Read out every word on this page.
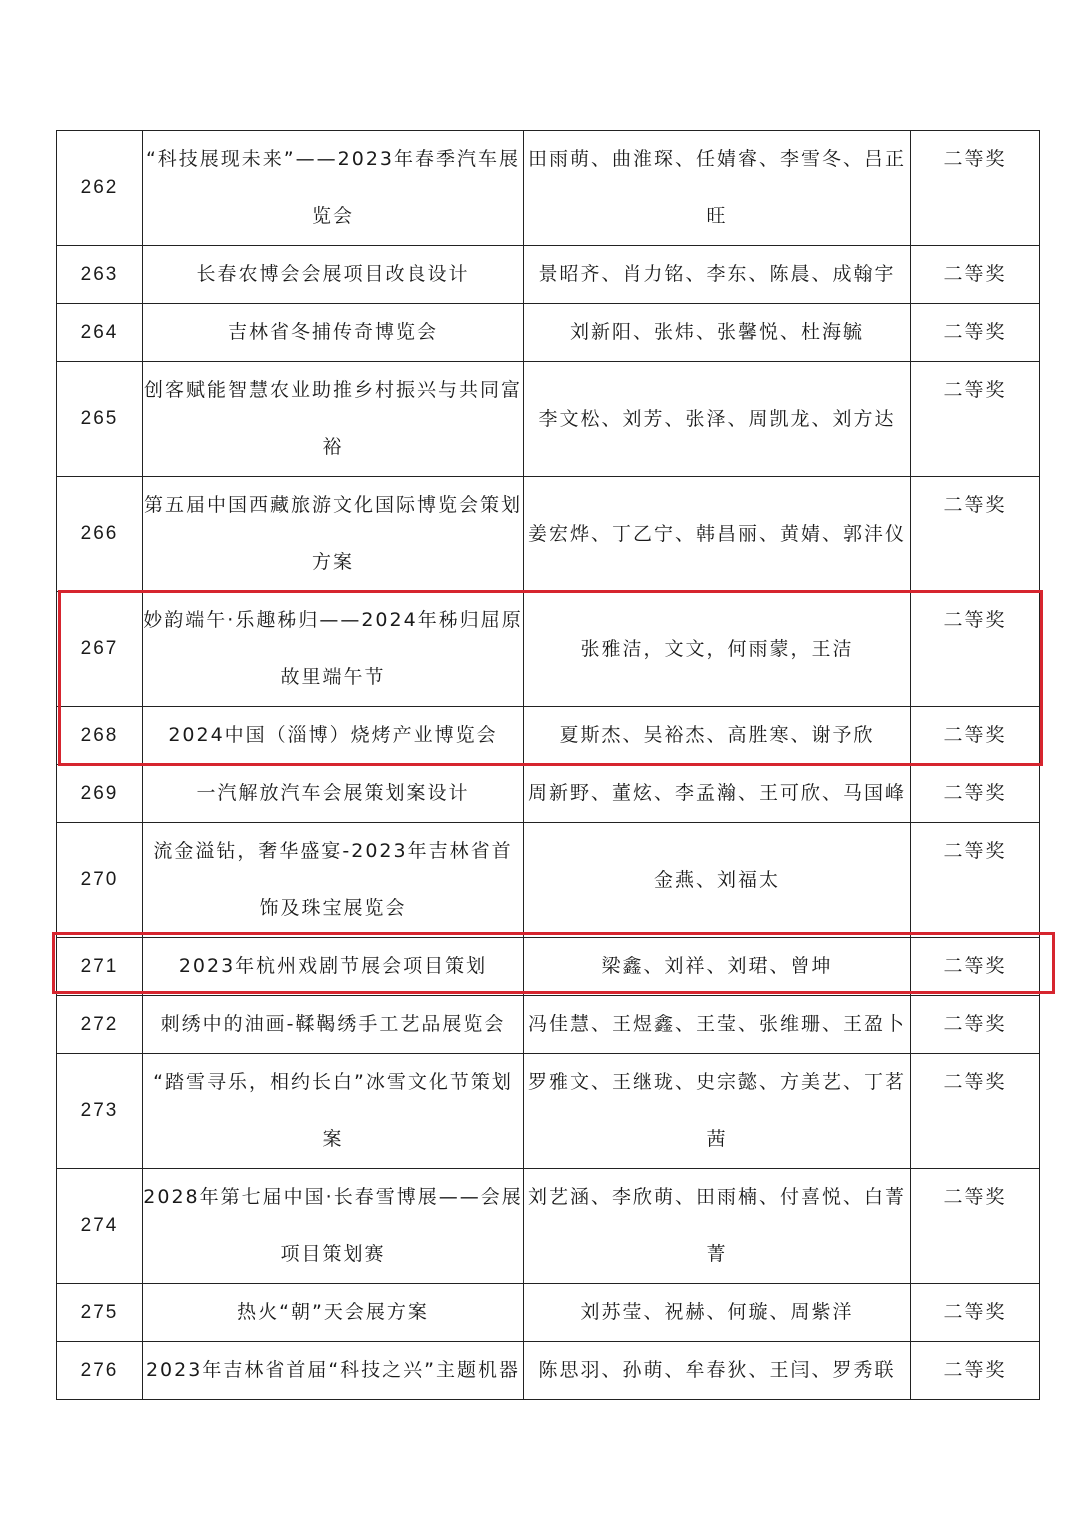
262	“科技展现未来”——2023年春季汽车展览会	田雨萌、曲淮琛、任婧睿、李雪冬、吕正旺	二等奖
263	长春农博会会展项目改良设计	景昭齐、肖力铭、李东、陈晨、成翰宇	二等奖
264	吉林省冬捕传奇博览会	刘新阳、张炜、张馨悦、杜海毓	二等奖
265	创客赋能智慧农业助推乡村振兴与共同富裕	李文松、刘芳、张泽、周凯龙、刘方达	二等奖
266	第五届中国西藏旅游文化国际博览会策划方案	姜宏烨、丁乙宁、韩昌丽、黄婧、郭沣仪	二等奖
267	妙韵端午·乐趣秭归——2024年秭归屈原故里端午节	张雅洁，文文，何雨蒙，王洁	二等奖
268	2024中国（淄博）烧烤产业博览会	夏斯杰、吴裕杰、高胜寒、谢予欣	二等奖
269	一汽解放汽车会展策划案设计	周新野、董炫、李孟瀚、王可欣、马国峰	二等奖
270	流金溢钻，奢华盛宴-2023年吉林省首饰及珠宝展览会	金燕、刘福太	二等奖
271	2023年杭州戏剧节展会项目策划	梁鑫、刘祥、刘珺、曾坤	二等奖
272	刺绣中的油画-鞣鞨绣手工艺品展览会	冯佳慧、王煜鑫、王莹、张维珊、王盈卜	二等奖
273	“踏雪寻乐，相约长白”冰雪文化节策划案	罗雅文、王继珑、史宗懿、方美艺、丁茗茜	二等奖
274	2028年第七届中国·长春雪博展——会展项目策划赛	刘艺涵、李欣萌、田雨楠、付喜悦、白菁菁	二等奖
275	热火“朝”天会展方案	刘苏莹、祝赫、何璇、周紫洋	二等奖
276	2023年吉林省首届“科技之兴”主题机器	陈思羽、孙萌、牟春狄、王闫、罗秀联	二等奖
